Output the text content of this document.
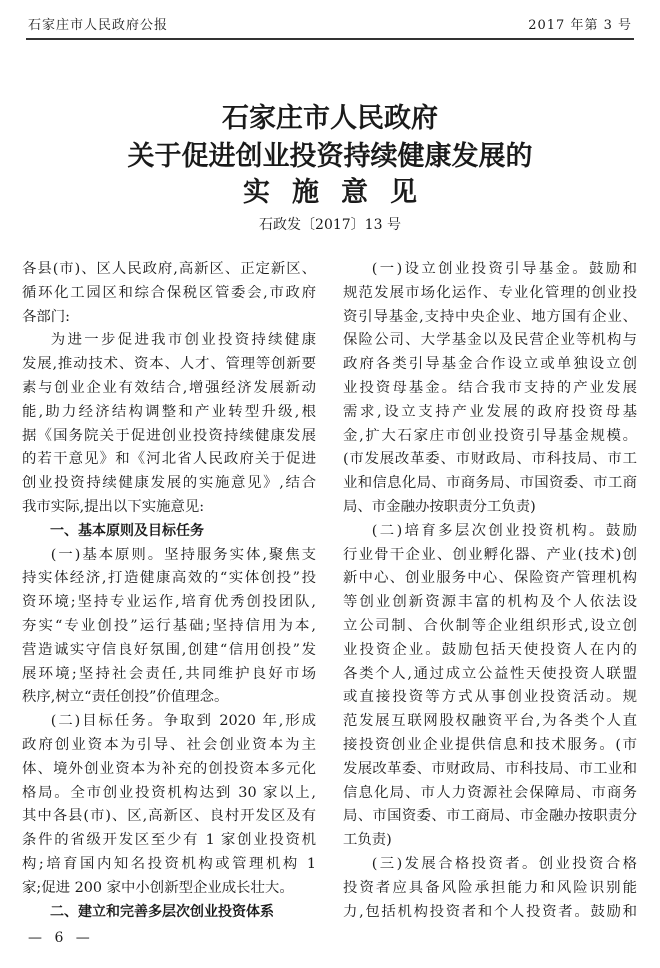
石家庄市人民政府公报	2017 年第 3 号
石家庄市人民政府
关于促进创业投资持续健康发展的
实施意见
石政发〔2017〕13 号
各县(市)、区人民政府,高新区、正定新区、
循环化工园区和综合保税区管委会,市政府
各部门:
为进一步促进我市创业投资持续健康
发展,推动技术、资本、人才、管理等创新要
素与创业企业有效结合,增强经济发展新动
能,助力经济结构调整和产业转型升级,根
据《国务院关于促进创业投资持续健康发展
的若干意见》和《河北省人民政府关于促进
创业投资持续健康发展的实施意见》,结合
我市实际,提出以下实施意见:
一、基本原则及目标任务
(一)基本原则。坚持服务实体,聚焦支
持实体经济,打造健康高效的“实体创投”投
资环境;坚持专业运作,培育优秀创投团队,
夯实“专业创投”运行基础;坚持信用为本,
营造诚实守信良好氛围,创建“信用创投”发
展环境;坚持社会责任,共同维护良好市场
秩序,树立“责任创投”价值理念。
(二)目标任务。争取到 2020 年,形成
政府创业资本为引导、社会创业资本为主
体、境外创业资本为补充的创投资本多元化
格局。全市创业投资机构达到 30 家以上,
其中各县(市)、区,高新区、良村开发区及有
条件的省级开发区至少有 1 家创业投资机
构;培育国内知名投资机构或管理机构 1
家;促进 200 家中小创新型企业成长壮大。
二、建立和完善多层次创业投资体系
(一)设立创业投资引导基金。鼓励和
规范发展市场化运作、专业化管理的创业投
资引导基金,支持中央企业、地方国有企业、
保险公司、大学基金以及民营企业等机构与
政府各类引导基金合作设立或单独设立创
业投资母基金。结合我市支持的产业发展
需求,设立支持产业发展的政府投资母基
金,扩大石家庄市创业投资引导基金规模。
(市发展改革委、市财政局、市科技局、市工
业和信息化局、市商务局、市国资委、市工商
局、市金融办按职责分工负责)
(二)培育多层次创业投资机构。鼓励
行业骨干企业、创业孵化器、产业(技术)创
新中心、创业服务中心、保险资产管理机构
等创业创新资源丰富的机构及个人依法设
立公司制、合伙制等企业组织形式,设立创
业投资企业。鼓励包括天使投资人在内的
各类个人,通过成立公益性天使投资人联盟
或直接投资等方式从事创业投资活动。规
范发展互联网股权融资平台,为各类个人直
接投资创业企业提供信息和技术服务。(市
发展改革委、市财政局、市科技局、市工业和
信息化局、市人力资源社会保障局、市商务
局、市国资委、市工商局、市金融办按职责分
工负责)
(三)发展合格投资者。创业投资合格
投资者应具备风险承担能力和风险识别能
力,包括机构投资者和个人投资者。鼓励和
— 6 —
